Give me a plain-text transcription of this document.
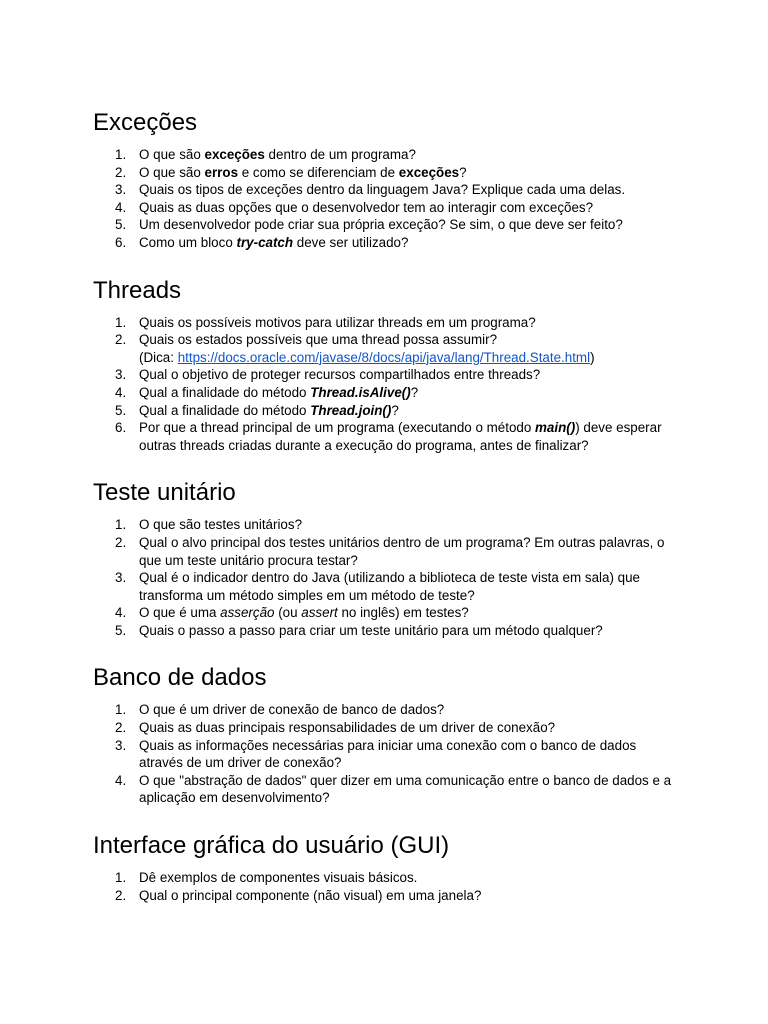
Exceções
1. O que são exceções dentro de um programa?
2. O que são erros e como se diferenciam de exceções?
3. Quais os tipos de exceções dentro da linguagem Java? Explique cada uma delas.
4. Quais as duas opções que o desenvolvedor tem ao interagir com exceções?
5. Um desenvolvedor pode criar sua própria exceção? Se sim, o que deve ser feito?
6. Como um bloco try-catch deve ser utilizado?
Threads
1. Quais os possíveis motivos para utilizar threads em um programa?
2. Quais os estados possíveis que uma thread possa assumir?
(Dica: https://docs.oracle.com/javase/8/docs/api/java/lang/Thread.State.html)
3. Qual o objetivo de proteger recursos compartilhados entre threads?
4. Qual a finalidade do método Thread.isAlive()?
5. Qual a finalidade do método Thread.join()?
6. Por que a thread principal de um programa (executando o método main()) deve esperar outras threads criadas durante a execução do programa, antes de finalizar?
Teste unitário
1. O que são testes unitários?
2. Qual o alvo principal dos testes unitários dentro de um programa? Em outras palavras, o que um teste unitário procura testar?
3. Qual é o indicador dentro do Java (utilizando a biblioteca de teste vista em sala) que transforma um método simples em um método de teste?
4. O que é uma asserção (ou assert no inglês) em testes?
5. Quais o passo a passo para criar um teste unitário para um método qualquer?
Banco de dados
1. O que é um driver de conexão de banco de dados?
2. Quais as duas principais responsabilidades de um driver de conexão?
3. Quais as informações necessárias para iniciar uma conexão com o banco de dados através de um driver de conexão?
4. O que "abstração de dados" quer dizer em uma comunicação entre o banco de dados e a aplicação em desenvolvimento?
Interface gráfica do usuário (GUI)
1. Dê exemplos de componentes visuais básicos.
2. Qual o principal componente (não visual) em uma janela?
